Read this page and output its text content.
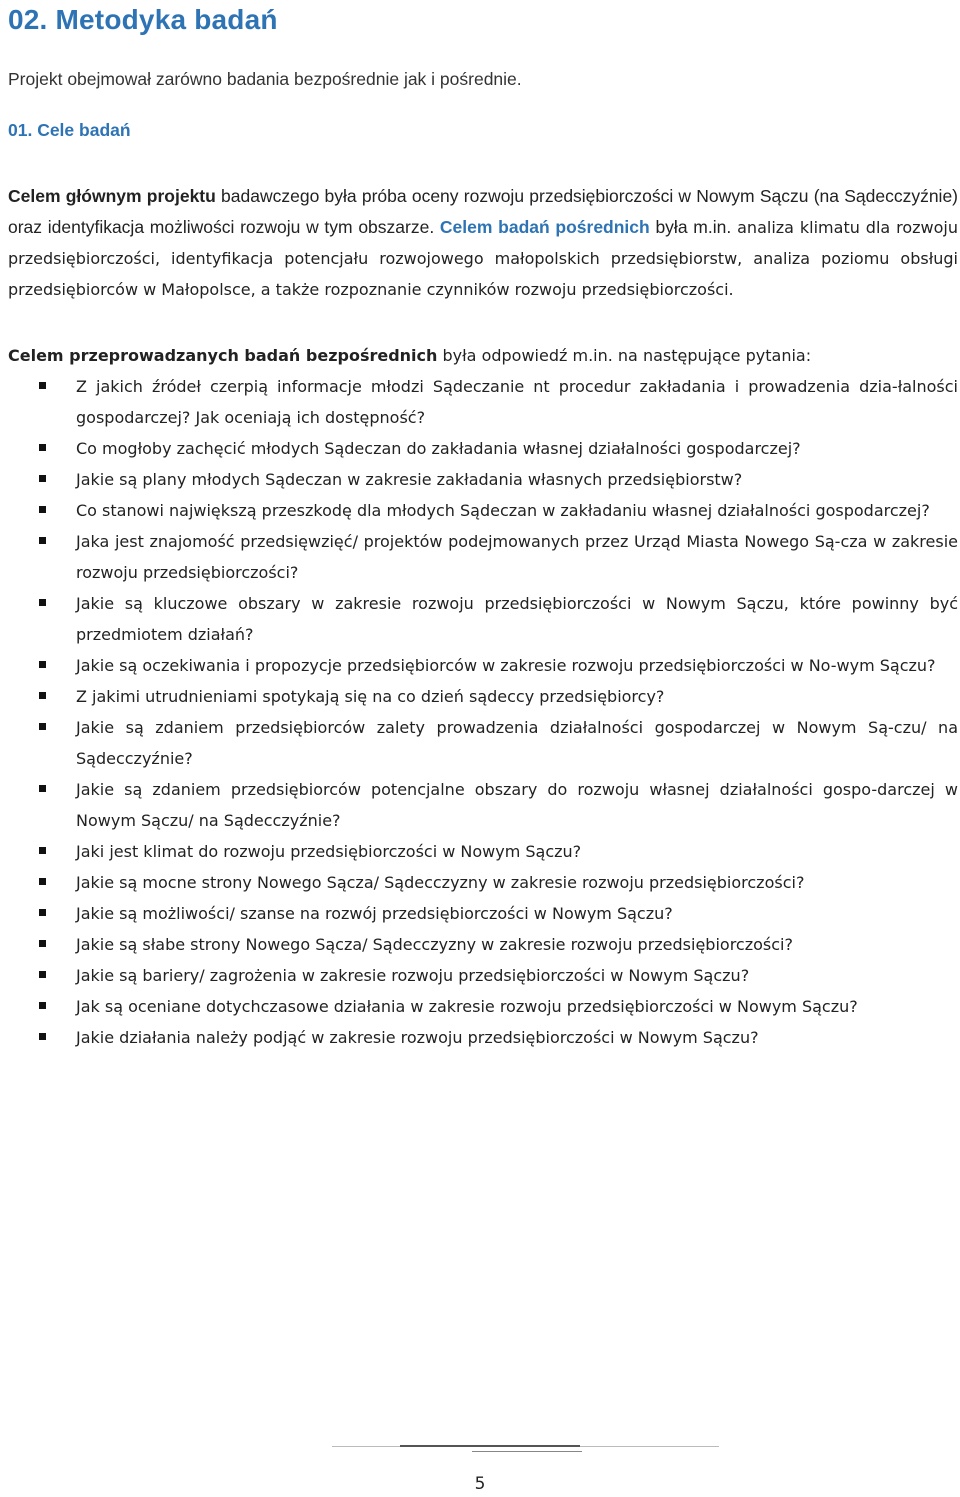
02. Metodyka badań

Projekt obejmował zarówno badania bezpośrednie jak i pośrednie.

01. Cele badań

Celem głównym projektu badawczego była próba oceny rozwoju przedsiębiorczości w Nowym Sączu (na Sądecczyźnie) oraz identyfikacja możliwości rozwoju w tym obszarze. Celem badań pośrednich była m.in. analiza klimatu dla rozwoju przedsiębiorczości, identyfikacja potencjału rozwojowego małopolskich przedsiębiorstw, analiza poziomu obsługi przedsiębiorców w Małopolsce, a także rozpoznanie czynników rozwoju przedsiębiorczości.

Celem przeprowadzanych badań bezpośrednich była odpowiedź m.in. na następujące pytania:

Z jakich źródeł czerpią informacje młodzi Sądeczanie nt procedur zakładania i prowadzenia dzia-łalności gospodarczej? Jak oceniają ich dostępność?
Co mogłoby zachęcić młodych Sądeczan do zakładania własnej działalności gospodarczej?
Jakie są plany młodych Sądeczan w zakresie zakładania własnych przedsiębiorstw?
Co stanowi największą przeszkodę dla młodych Sądeczan w zakładaniu własnej działalności gospodarczej?
Jaka jest znajomość przedsięwzięć/ projektów podejmowanych przez Urząd Miasta Nowego Są-cza w zakresie rozwoju przedsiębiorczości?
Jakie są kluczowe obszary w zakresie rozwoju przedsiębiorczości w Nowym Sączu, które powinny być przedmiotem działań?
Jakie są oczekiwania i propozycje przedsiębiorców w zakresie rozwoju przedsiębiorczości w No-wym Sączu?
Z jakimi utrudnieniami spotykają się na co dzień sądeccy przedsiębiorcy?
Jakie są zdaniem przedsiębiorców zalety prowadzenia działalności gospodarczej w Nowym Są-czu/ na Sądecczyźnie?
Jakie są zdaniem przedsiębiorców potencjalne obszary do rozwoju własnej działalności gospo-darczej w Nowym Sączu/ na Sądecczyźnie?
Jaki jest klimat do rozwoju przedsiębiorczości w Nowym Sączu?
Jakie są mocne strony Nowego Sącza/ Sądecczyzny w zakresie rozwoju przedsiębiorczości?
Jakie są możliwości/ szanse na rozwój przedsiębiorczości w Nowym Sączu?
Jakie są słabe strony Nowego Sącza/ Sądecczyzny w zakresie rozwoju przedsiębiorczości?
Jakie są bariery/ zagrożenia w zakresie rozwoju przedsiębiorczości w Nowym Sączu?
Jak są oceniane dotychczasowe działania w zakresie rozwoju przedsiębiorczości w Nowym Sączu?
Jakie działania należy podjąć w zakresie rozwoju przedsiębiorczości w Nowym Sączu?

5
